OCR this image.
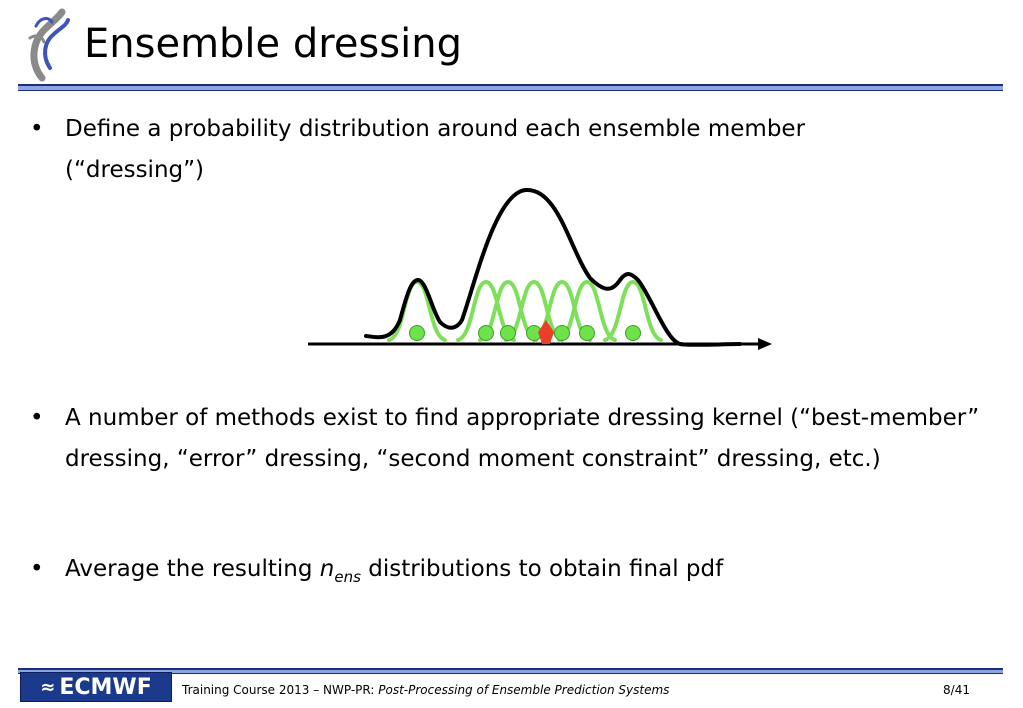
Ensemble dressing
• Define a probability distribution around each ensemble member (“dressing”)
• A number of methods exist to find appropriate dressing kernel (“best-member” dressing, “error” dressing, “second moment constraint” dressing, etc.)
• Average the resulting $n_{ens}$ distributions to obtain final pdf
≈ ECMWF	Training Course 2013 – NWP-PR: Post-Processing of Ensemble Prediction Systems	8/41
